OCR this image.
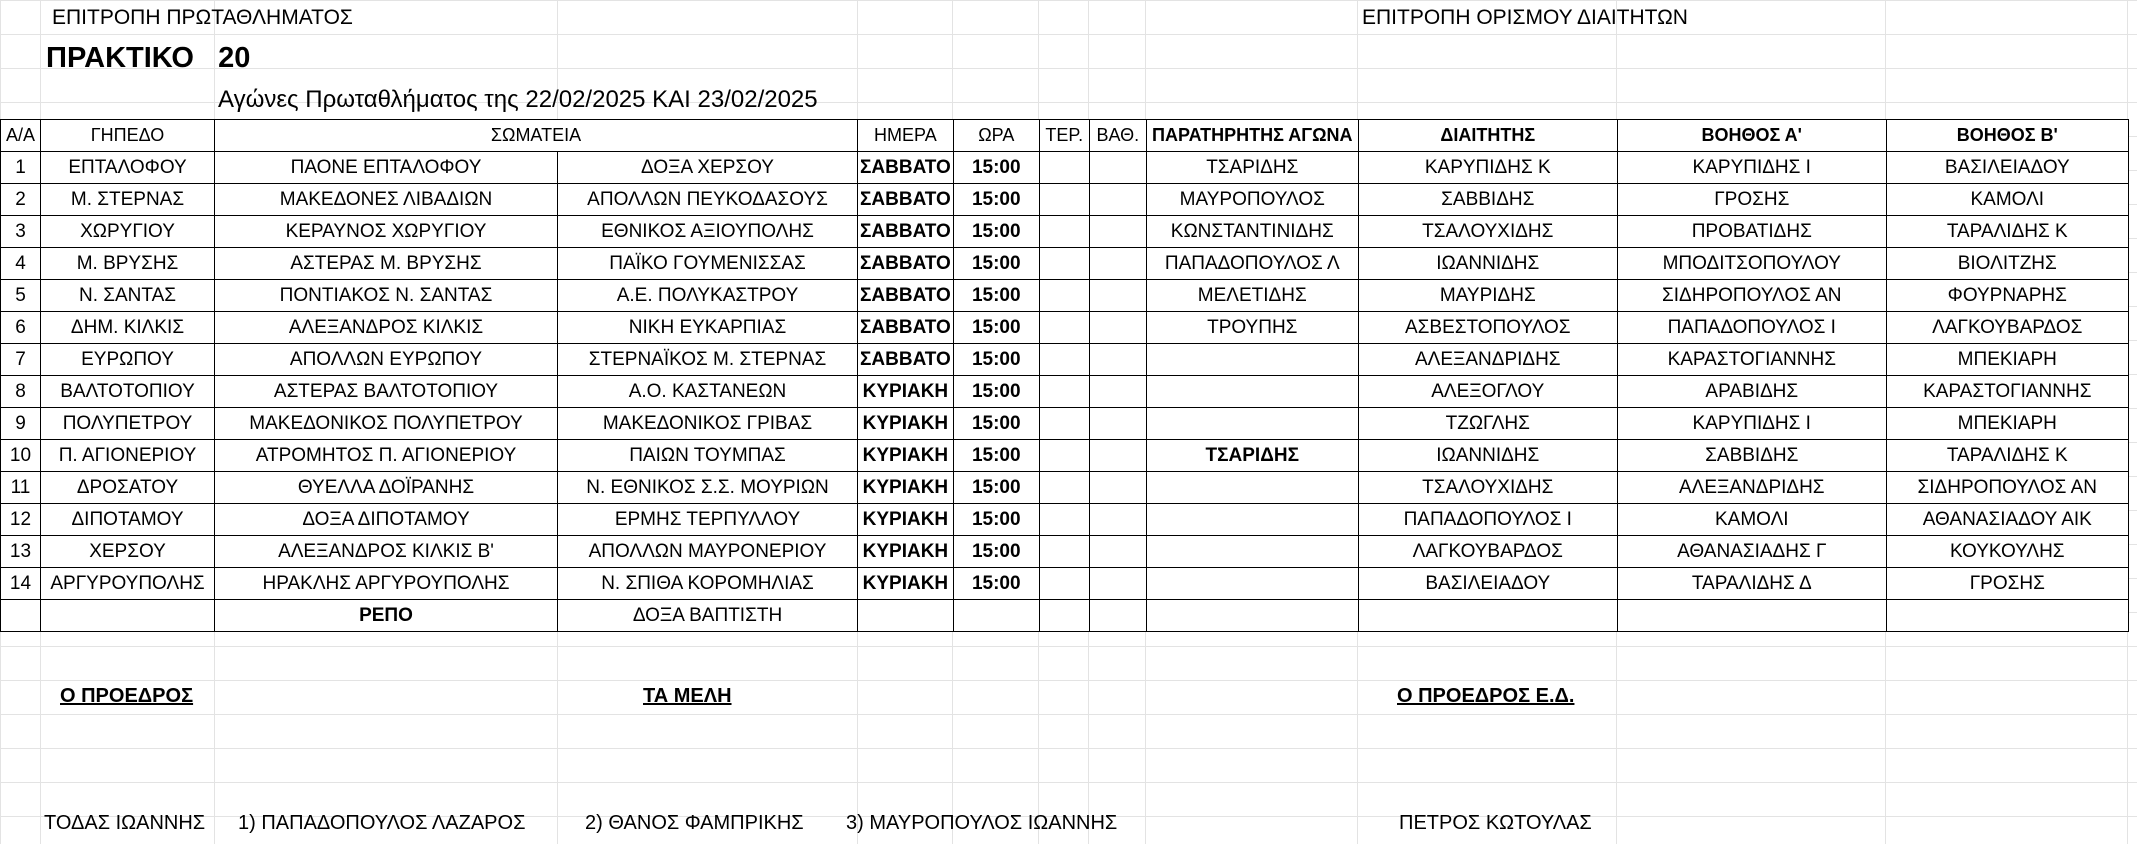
ΕΠΙΤΡΟΠΗ ΠΡΩΤΑΘΛΗΜΑΤΟΣ	ΕΠΙΤΡΟΠΗ ΟΡΙΣΜΟΥ ΔΙΑΙΤΗΤΩΝ
ΠΡΑΚΤΙΚΟ 20
Αγώνες Πρωταθλήματος της 22/02/2025 ΚΑΙ 23/02/2025
Α/Α	ΓΗΠΕΔΟ	ΣΩΜΑΤΕΙΑ		ΗΜΕΡΑ	ΩΡΑ	ΤΕΡ.	ΒΑΘ.	ΠΑΡΑΤΗΡΗΤΗΣ ΑΓΩΝΑ	ΔΙΑΙΤΗΤΗΣ	ΒΟΗΘΟΣ Α'	ΒΟΗΘΟΣ Β'
1	ΕΠΤΑΛΟΦΟΥ	ΠΑΟΝΕ ΕΠΤΑΛΟΦΟΥ	ΔΟΞΑ ΧΕΡΣΟΥ	ΣΑΒΒΑΤΟ	15:00			ΤΣΑΡΙΔΗΣ	ΚΑΡΥΠΙΔΗΣ Κ	ΚΑΡΥΠΙΔΗΣ Ι	ΒΑΣΙΛΕΙΑΔΟΥ
2	Μ. ΣΤΕΡΝΑΣ	ΜΑΚΕΔΟΝΕΣ ΛΙΒΑΔΙΩΝ	ΑΠΟΛΛΩΝ ΠΕΥΚΟΔΑΣΟΥΣ	ΣΑΒΒΑΤΟ	15:00			ΜΑΥΡΟΠΟΥΛΟΣ	ΣΑΒΒΙΔΗΣ	ΓΡΟΣΗΣ	ΚΑΜΟΛΙ
3	ΧΩΡΥΓΙΟΥ	ΚΕΡΑΥΝΟΣ ΧΩΡΥΓΙΟΥ	ΕΘΝΙΚΟΣ ΑΞΙΟΥΠΟΛΗΣ	ΣΑΒΒΑΤΟ	15:00			ΚΩΝΣΤΑΝΤΙΝΙΔΗΣ	ΤΣΑΛΟΥΧΙΔΗΣ	ΠΡΟΒΑΤΙΔΗΣ	ΤΑΡΑΛΙΔΗΣ Κ
4	Μ. ΒΡΥΣΗΣ	ΑΣΤΕΡΑΣ Μ. ΒΡΥΣΗΣ	ΠΑΪΚΟ ΓΟΥΜΕΝΙΣΣΑΣ	ΣΑΒΒΑΤΟ	15:00			ΠΑΠΑΔΟΠΟΥΛΟΣ Λ	ΙΩΑΝΝΙΔΗΣ	ΜΠΟΔΙΤΣΟΠΟΥΛΟΥ	ΒΙΟΛΙΤΖΗΣ
5	Ν. ΣΑΝΤΑΣ	ΠΟΝΤΙΑΚΟΣ Ν. ΣΑΝΤΑΣ	Α.Ε. ΠΟΛΥΚΑΣΤΡΟΥ	ΣΑΒΒΑΤΟ	15:00			ΜΕΛΕΤΙΔΗΣ	ΜΑΥΡΙΔΗΣ	ΣΙΔΗΡΟΠΟΥΛΟΣ ΑΝ	ΦΟΥΡΝΑΡΗΣ
6	ΔΗΜ. ΚΙΛΚΙΣ	ΑΛΕΞΑΝΔΡΟΣ ΚΙΛΚΙΣ	ΝΙΚΗ ΕΥΚΑΡΠΙΑΣ	ΣΑΒΒΑΤΟ	15:00			ΤΡΟΥΠΗΣ	ΑΣΒΕΣΤΟΠΟΥΛΟΣ	ΠΑΠΑΔΟΠΟΥΛΟΣ Ι	ΛΑΓΚΟΥΒΑΡΔΟΣ
7	ΕΥΡΩΠΟΥ	ΑΠΟΛΛΩΝ ΕΥΡΩΠΟΥ	ΣΤΕΡΝΑΪΚΟΣ Μ. ΣΤΕΡΝΑΣ	ΣΑΒΒΑΤΟ	15:00				ΑΛΕΞΑΝΔΡΙΔΗΣ	ΚΑΡΑΣΤΟΓΙΑΝΝΗΣ	ΜΠΕΚΙΑΡΗ
8	ΒΑΛΤΟΤΟΠΙΟΥ	ΑΣΤΕΡΑΣ ΒΑΛΤΟΤΟΠΙΟΥ	Α.Ο. ΚΑΣΤΑΝΕΩΝ	ΚΥΡΙΑΚΗ	15:00				ΑΛΕΞΟΓΛΟΥ	ΑΡΑΒΙΔΗΣ	ΚΑΡΑΣΤΟΓΙΑΝΝΗΣ
9	ΠΟΛΥΠΕΤΡΟΥ	ΜΑΚΕΔΟΝΙΚΟΣ ΠΟΛΥΠΕΤΡΟΥ	ΜΑΚΕΔΟΝΙΚΟΣ ΓΡΙΒΑΣ	ΚΥΡΙΑΚΗ	15:00				ΤΖΩΓΛΗΣ	ΚΑΡΥΠΙΔΗΣ Ι	ΜΠΕΚΙΑΡΗ
10	Π. ΑΓΙΟΝΕΡΙΟΥ	ΑΤΡΟΜΗΤΟΣ Π. ΑΓΙΟΝΕΡΙΟΥ	ΠΑΙΩΝ ΤΟΥΜΠΑΣ	ΚΥΡΙΑΚΗ	15:00			ΤΣΑΡΙΔΗΣ	ΙΩΑΝΝΙΔΗΣ	ΣΑΒΒΙΔΗΣ	ΤΑΡΑΛΙΔΗΣ Κ
11	ΔΡΟΣΑΤΟΥ	ΘΥΕΛΛΑ ΔΟΪΡΑΝΗΣ	Ν. ΕΘΝΙΚΟΣ Σ.Σ. ΜΟΥΡΙΩΝ	ΚΥΡΙΑΚΗ	15:00				ΤΣΑΛΟΥΧΙΔΗΣ	ΑΛΕΞΑΝΔΡΙΔΗΣ	ΣΙΔΗΡΟΠΟΥΛΟΣ ΑΝ
12	ΔΙΠΟΤΑΜΟΥ	ΔΟΞΑ ΔΙΠΟΤΑΜΟΥ	ΕΡΜΗΣ ΤΕΡΠΥΛΛΟΥ	ΚΥΡΙΑΚΗ	15:00				ΠΑΠΑΔΟΠΟΥΛΟΣ Ι	ΚΑΜΟΛΙ	ΑΘΑΝΑΣΙΑΔΟΥ ΑΙΚ
13	ΧΕΡΣΟΥ	ΑΛΕΞΑΝΔΡΟΣ ΚΙΛΚΙΣ Β'	ΑΠΟΛΛΩΝ ΜΑΥΡΟΝΕΡΙΟΥ	ΚΥΡΙΑΚΗ	15:00				ΛΑΓΚΟΥΒΑΡΔΟΣ	ΑΘΑΝΑΣΙΑΔΗΣ Γ	ΚΟΥΚΟΥΛΗΣ
14	ΑΡΓΥΡΟΥΠΟΛΗΣ	ΗΡΑΚΛΗΣ ΑΡΓΥΡΟΥΠΟΛΗΣ	Ν. ΣΠΙΘΑ ΚΟΡΟΜΗΛΙΑΣ	ΚΥΡΙΑΚΗ	15:00				ΒΑΣΙΛΕΙΑΔΟΥ	ΤΑΡΑΛΙΔΗΣ Δ	ΓΡΟΣΗΣ
		ΡΕΠΟ	ΔΟΞΑ ΒΑΠΤΙΣΤΗ								
Ο ΠΡΟΕΔΡΟΣ	ΤΑ ΜΕΛΗ	Ο ΠΡΟΕΔΡΟΣ Ε.Δ.
ΤΟΔΑΣ ΙΩΑΝΝΗΣ 1) ΠΑΠΑΔΟΠΟΥΛΟΣ ΛΑΖΑΡΟΣ	2) ΘΑΝΟΣ ΦΑΜΠΡΙΚΗΣ 3) ΜΑΥΡΟΠΟΥΛΟΣ ΙΩΑΝΝΗΣ	ΠΕΤΡΟΣ ΚΩΤΟΥΛΑΣ
